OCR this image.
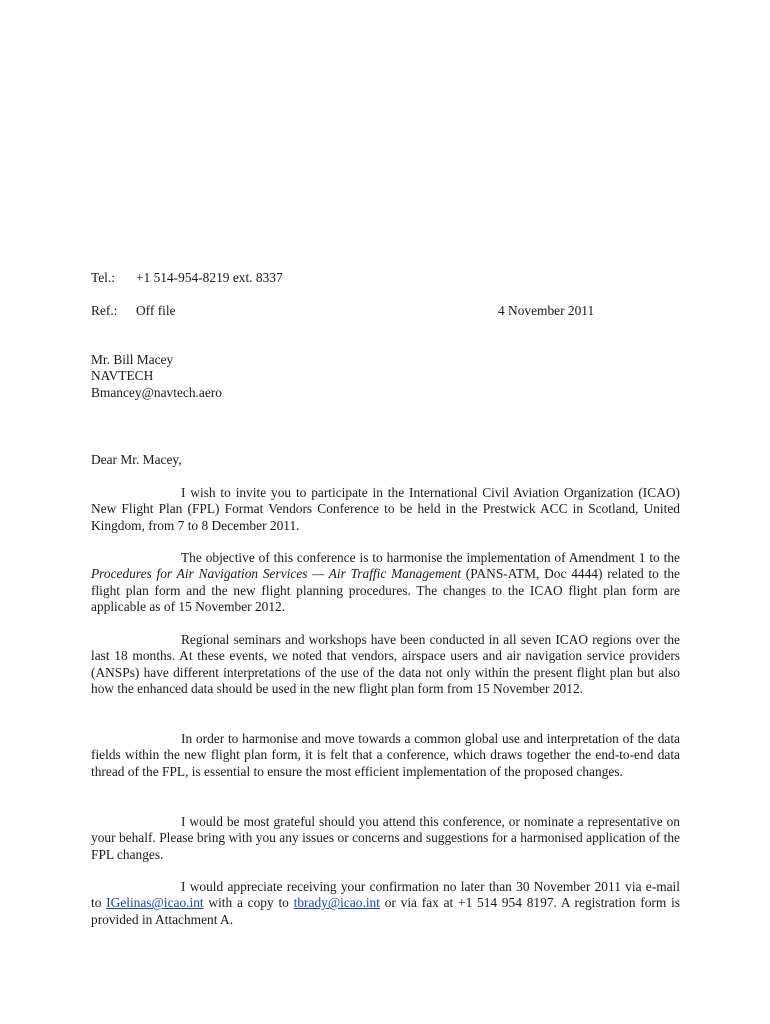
Tel.: +1 514-954-8219 ext. 8337
Ref.: Off file	4 November 2011
Mr. Bill Macey
NAVTECH
Bmancey@navtech.aero
Dear Mr. Macey,

I wish to invite you to participate in the International Civil Aviation Organization (ICAO) New Flight Plan (FPL) Format Vendors Conference to be held in the Prestwick ACC in Scotland, United Kingdom, from 7 to 8 December 2011.

The objective of this conference is to harmonise the implementation of Amendment 1 to the Procedures for Air Navigation Services — Air Traffic Management (PANS-ATM, Doc 4444) related to the flight plan form and the new flight planning procedures. The changes to the ICAO flight plan form are applicable as of 15 November 2012.

Regional seminars and workshops have been conducted in all seven ICAO regions over the last 18 months. At these events, we noted that vendors, airspace users and air navigation service providers (ANSPs) have different interpretations of the use of the data not only within the present flight plan but also how the enhanced data should be used in the new flight plan form from 15 November 2012.

In order to harmonise and move towards a common global use and interpretation of the data fields within the new flight plan form, it is felt that a conference, which draws together the end-to-end data thread of the FPL, is essential to ensure the most efficient implementation of the proposed changes.

I would be most grateful should you attend this conference, or nominate a representative on your behalf. Please bring with you any issues or concerns and suggestions for a harmonised application of the FPL changes.

I would appreciate receiving your confirmation no later than 30 November 2011 via e-mail to IGelinas@icao.int with a copy to tbrady@icao.int or via fax at +1 514 954 8197. A registration form is provided in Attachment A.
